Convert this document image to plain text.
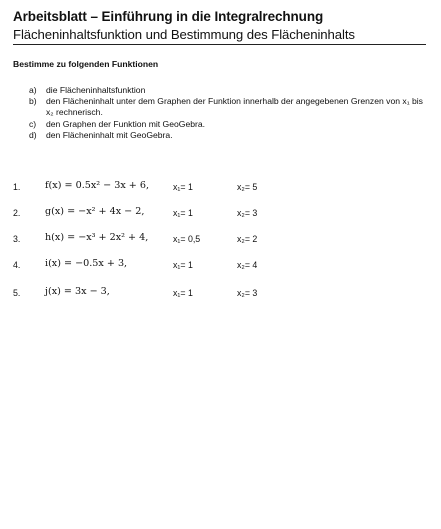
Arbeitsblatt – Einführung in die Integralrechnung
Flächeninhaltsfunktion und Bestimmung des Flächeninhalts
Bestimme zu folgenden Funktionen
a)	die Flächeninhaltsfunktion
b)	den Flächeninhalt unter dem Graphen der Funktion innerhalb der angegebenen Grenzen von x₁ bis x₂ rechnerisch.
c)	den Graphen der Funktion mit GeoGebra.
d)	den Flächeninhalt mit GeoGebra.
1.	f(x) = 0.5x² − 3x + 6,	x₁= 1	x₂= 5
2.	g(x) = −x² + 4x − 2,	x₁= 1	x₂= 3
3.	h(x) = −x³ + 2x² + 4,	x₁= 0,5	x₂= 2
4.	i(x) = −0.5x + 3,	x₁= 1	x₂= 4
5.	j(x) = 3x − 3,	x₁= 1	x₂= 3
